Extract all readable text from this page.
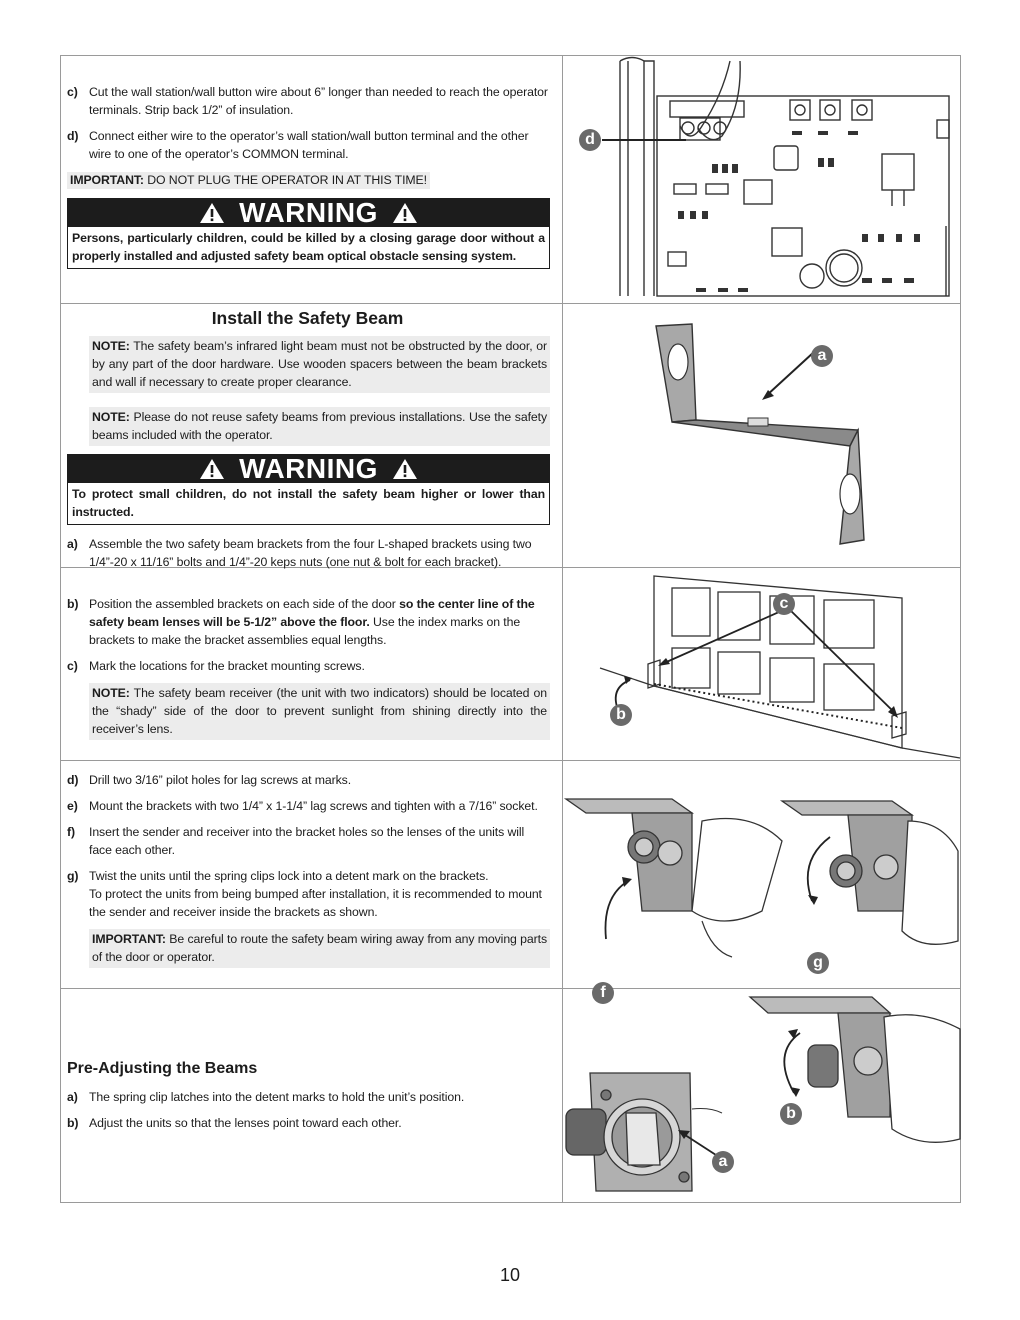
c) Cut the wall station/wall button wire about 6” longer than needed to reach the operator terminals. Strip back 1/2” of insulation.
d) Connect either wire to the operator’s wall station/wall button terminal and the other wire to one of the operator’s COMMON terminal.
IMPORTANT: DO NOT PLUG THE OPERATOR IN AT THIS TIME!
WARNING
Persons, particularly children, could be killed by a closing garage door without a properly installed and adjusted safety beam optical obstacle sensing system.
d
Install the Safety Beam
NOTE: The safety beam’s infrared light beam must not be obstructed by the door, or by any part of the door hardware. Use wooden spacers between the beam brackets and wall if necessary to create proper clearance.
NOTE: Please do not reuse safety beams from previous installations. Use the safety beams included with the operator.
WARNING
To protect small children, do not install the safety beam higher or lower than instructed.
a) Assemble the two safety beam brackets from the four L-shaped brackets using two 1/4”-20 x 11/16” bolts and 1/4”-20 keps nuts (one nut & bolt for each bracket).
a
b) Position the assembled brackets on each side of the door so the center line of the safety beam lenses will be 5-1/2” above the floor. Use the index marks on the brackets to make the bracket assemblies equal lengths.
c) Mark the locations for the bracket mounting screws.
NOTE: The safety beam receiver (the unit with two indicators) should be located on the “shady” side of the door to prevent sunlight from shining directly into the receiver’s lens.
c
b
d) Drill two 3/16” pilot holes for lag screws at marks.
e) Mount the brackets with two 1/4” x 1-1/4” lag screws and tighten with a 7/16” socket.
f) Insert the sender and receiver into the bracket holes so the lenses of the units will face each other.
g) Twist the units until the spring clips lock into a detent mark on the brackets.
To protect the units from being bumped after installation, it is recommended to mount the sender and receiver inside the brackets as shown.
IMPORTANT: Be careful to route the safety beam wiring away from any moving parts of the door or operator.
f
g
Pre-Adjusting the Beams
a) The spring clip latches into the detent marks to hold the unit’s position.
b) Adjust the units so that the lenses point toward each other.
a
b
10
